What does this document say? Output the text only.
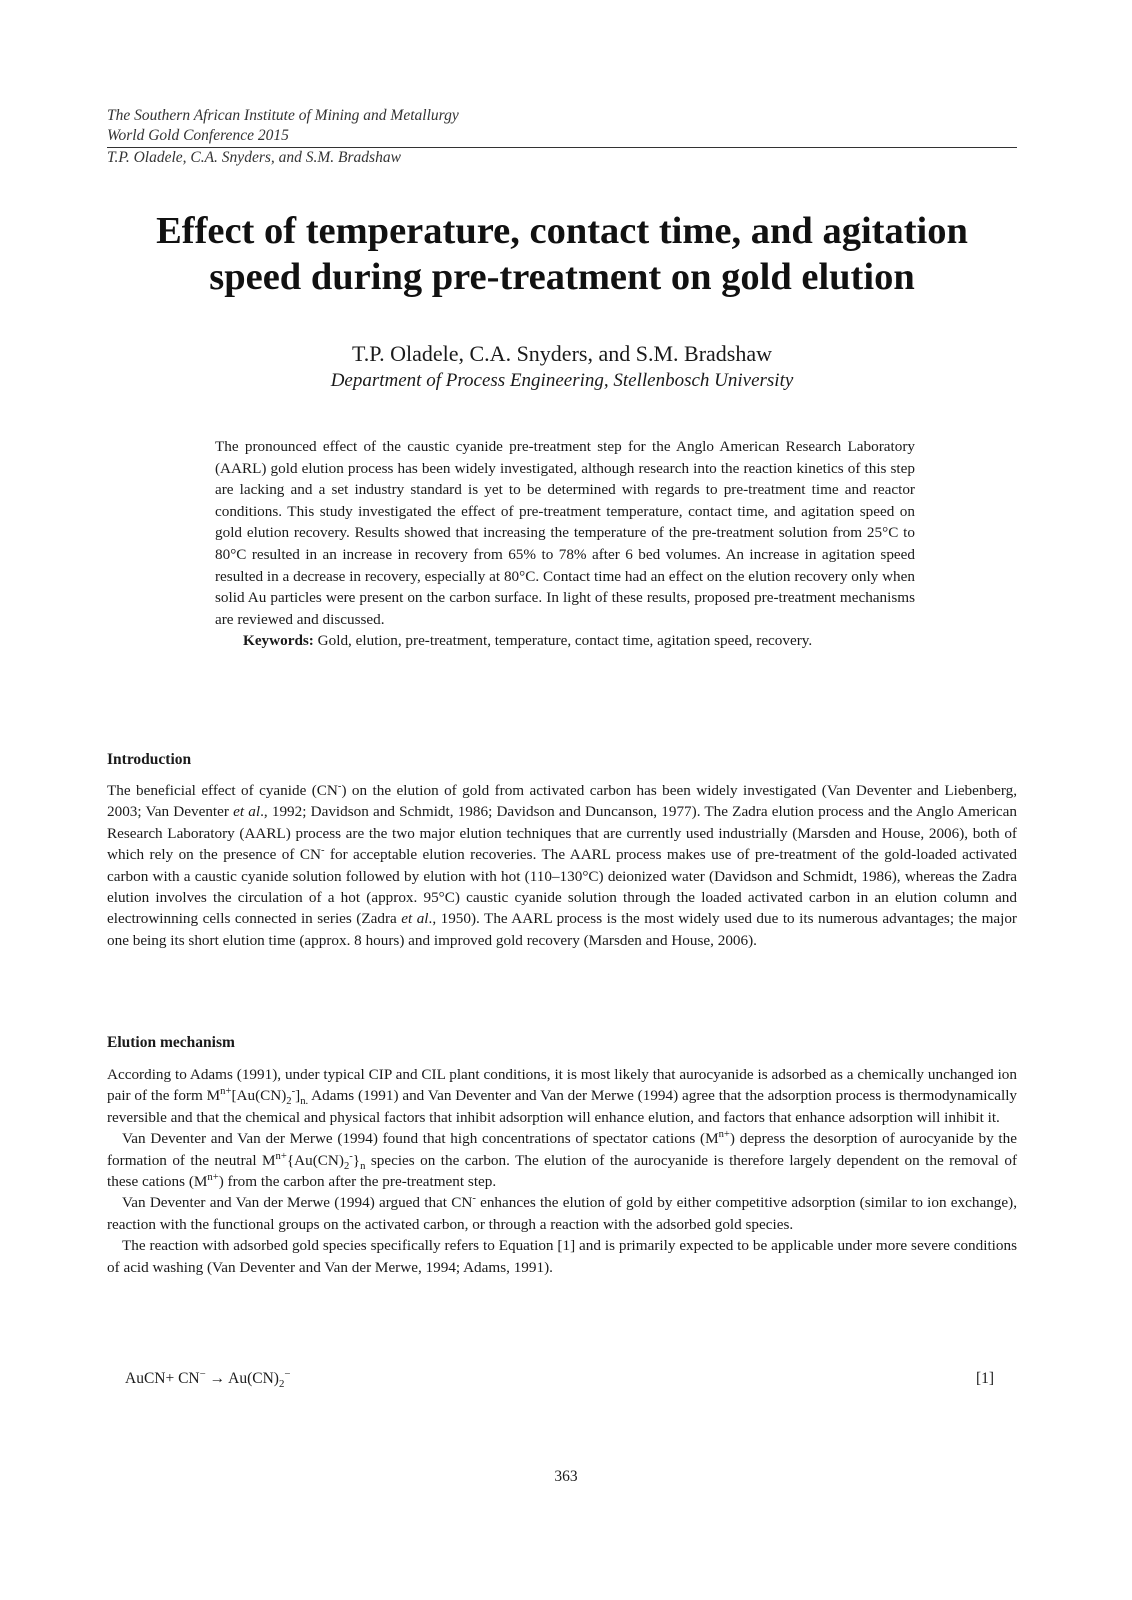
The Southern African Institute of Mining and Metallurgy
World Gold Conference 2015
T.P. Oladele, C.A. Snyders, and S.M. Bradshaw
Effect of temperature, contact time, and agitation speed during pre-treatment on gold elution
T.P. Oladele, C.A. Snyders, and S.M. Bradshaw
Department of Process Engineering, Stellenbosch University

The pronounced effect of the caustic cyanide pre-treatment step for the Anglo American Research Laboratory (AARL) gold elution process has been widely investigated, although research into the reaction kinetics of this step are lacking and a set industry standard is yet to be determined with regards to pre-treatment time and reactor conditions. This study investigated the effect of pre-treatment temperature, contact time, and agitation speed on gold elution recovery. Results showed that increasing the temperature of the pre-treatment solution from 25°C to 80°C resulted in an increase in recovery from 65% to 78% after 6 bed volumes. An increase in agitation speed resulted in a decrease in recovery, especially at 80°C. Contact time had an effect on the elution recovery only when solid Au particles were present on the carbon surface. In light of these results, proposed pre-treatment mechanisms are reviewed and discussed.

Keywords: Gold, elution, pre-treatment, temperature, contact time, agitation speed, recovery.

Introduction

The beneficial effect of cyanide (CN-) on the elution of gold from activated carbon has been widely investigated (Van Deventer and Liebenberg, 2003; Van Deventer et al., 1992; Davidson and Schmidt, 1986; Davidson and Duncanson, 1977). The Zadra elution process and the Anglo American Research Laboratory (AARL) process are the two major elution techniques that are currently used industrially (Marsden and House, 2006), both of which rely on the presence of CN- for acceptable elution recoveries. The AARL process makes use of pre-treatment of the gold-loaded activated carbon with a caustic cyanide solution followed by elution with hot (110–130°C) deionized water (Davidson and Schmidt, 1986), whereas the Zadra elution involves the circulation of a hot (approx. 95°C) caustic cyanide solution through the loaded activated carbon in an elution column and electrowinning cells connected in series (Zadra et al., 1950). The AARL process is the most widely used due to its numerous advantages; the major one being its short elution time (approx. 8 hours) and improved gold recovery (Marsden and House, 2006).

Elution mechanism

According to Adams (1991), under typical CIP and CIL plant conditions, it is most likely that aurocyanide is adsorbed as a chemically unchanged ion pair of the form $M^{n+}[Au(CN)_2^-]_{n.}$ Adams (1991) and Van Deventer and Van der Merwe (1994) agree that the adsorption process is thermodynamically reversible and that the chemical and physical factors that inhibit adsorption will enhance elution, and factors that enhance adsorption will inhibit it.

Van Deventer and Van der Merwe (1994) found that high concentrations of spectator cations $(M^{n+})$ depress the desorption of aurocyanide by the formation of the neutral $M^{n+}\{Au(CN)_2^-\}_n$ species on the carbon. The elution of the aurocyanide is therefore largely dependent on the removal of these cations $(M^{n+})$ from the carbon after the pre-treatment step.

Van Deventer and Van der Merwe (1994) argued that CN- enhances the elution of gold by either competitive adsorption (similar to ion exchange), reaction with the functional groups on the activated carbon, or through a reaction with the adsorbed gold species.

The reaction with adsorbed gold species specifically refers to Equation [1] and is primarily expected to be applicable under more severe conditions of acid washing (Van Deventer and Van der Merwe, 1994; Adams, 1991).

AuCN+ $CN^- \to Au(CN)_2^-$	[1]
363
